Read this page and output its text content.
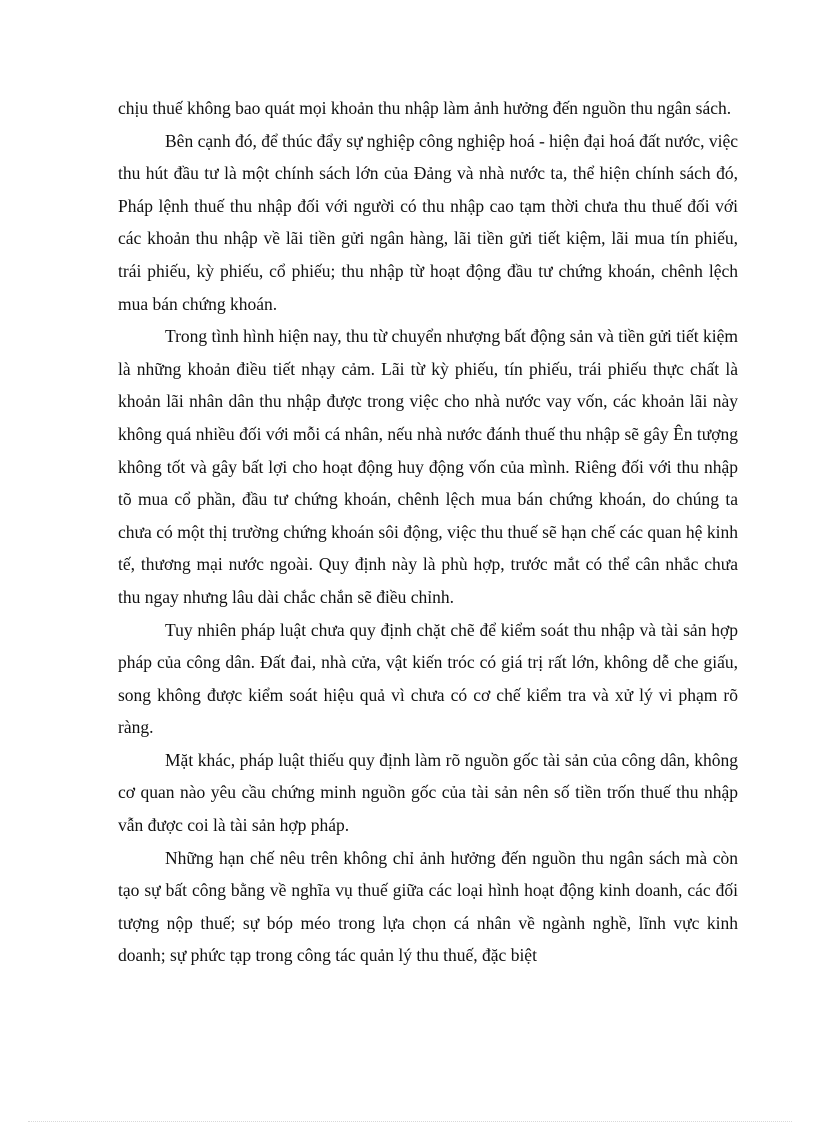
chịu thuế không bao quát mọi khoản thu nhập làm ảnh hưởng đến nguồn thu ngân sách.

Bên cạnh đó, để thúc đẩy sự nghiệp công nghiệp hoá - hiện đại hoá đất nước, việc thu hút đầu tư là một chính sách lớn của Đảng và nhà nước ta, thể hiện chính sách đó, Pháp lệnh thuế thu nhập đối với người có thu nhập cao tạm thời chưa thu thuế đối với các khoản thu nhập về lãi tiền gửi ngân hàng, lãi tiền gửi tiết kiệm, lãi mua tín phiếu, trái phiếu, kỳ phiếu, cổ phiếu; thu nhập từ hoạt động đầu tư chứng khoán, chênh lệch mua bán chứng khoán.

Trong tình hình hiện nay, thu từ chuyển nhượng bất động sản và tiền gửi tiết kiệm là những khoản điều tiết nhạy cảm. Lãi từ kỳ phiếu, tín phiếu, trái phiếu thực chất là khoản lãi nhân dân thu nhập được trong việc cho nhà nước vay vốn, các khoản lãi này không quá nhiều đối với mỗi cá nhân, nếu nhà nước đánh thuế thu nhập sẽ gây Ên tượng không tốt và gây bất lợi cho hoạt động huy động vốn của mình. Riêng đối với thu nhập tõ mua cổ phần, đầu tư chứng khoán, chênh lệch mua bán chứng khoán, do chúng ta chưa có một thị trường chứng khoán sôi động, việc thu thuế sẽ hạn chế các quan hệ kinh tế, thương mại nước ngoài. Quy định này là phù hợp, trước mắt có thể cân nhắc chưa thu ngay nhưng lâu dài chắc chắn sẽ điều chỉnh.

Tuy nhiên pháp luật chưa quy định chặt chẽ để kiểm soát thu nhập và tài sản hợp pháp của công dân. Đất đai, nhà cửa, vật kiến tróc có giá trị rất lớn, không dễ che giấu, song không được kiểm soát hiệu quả vì chưa có cơ chế kiểm tra và xử lý vi phạm rõ ràng.

Mặt khác, pháp luật thiếu quy định làm rõ nguồn gốc tài sản của công dân, không cơ quan nào yêu cầu chứng minh nguồn gốc của tài sản nên số tiền trốn thuế thu nhập vẫn được coi là tài sản hợp pháp.

Những hạn chế nêu trên không chỉ ảnh hưởng đến nguồn thu ngân sách mà còn tạo sự bất công bằng về nghĩa vụ thuế giữa các loại hình hoạt động kinh doanh, các đối tượng nộp thuế; sự bóp méo trong lựa chọn cá nhân về ngành nghề, lĩnh vực kinh doanh; sự phức tạp trong công tác quản lý thu thuế, đặc biệt
